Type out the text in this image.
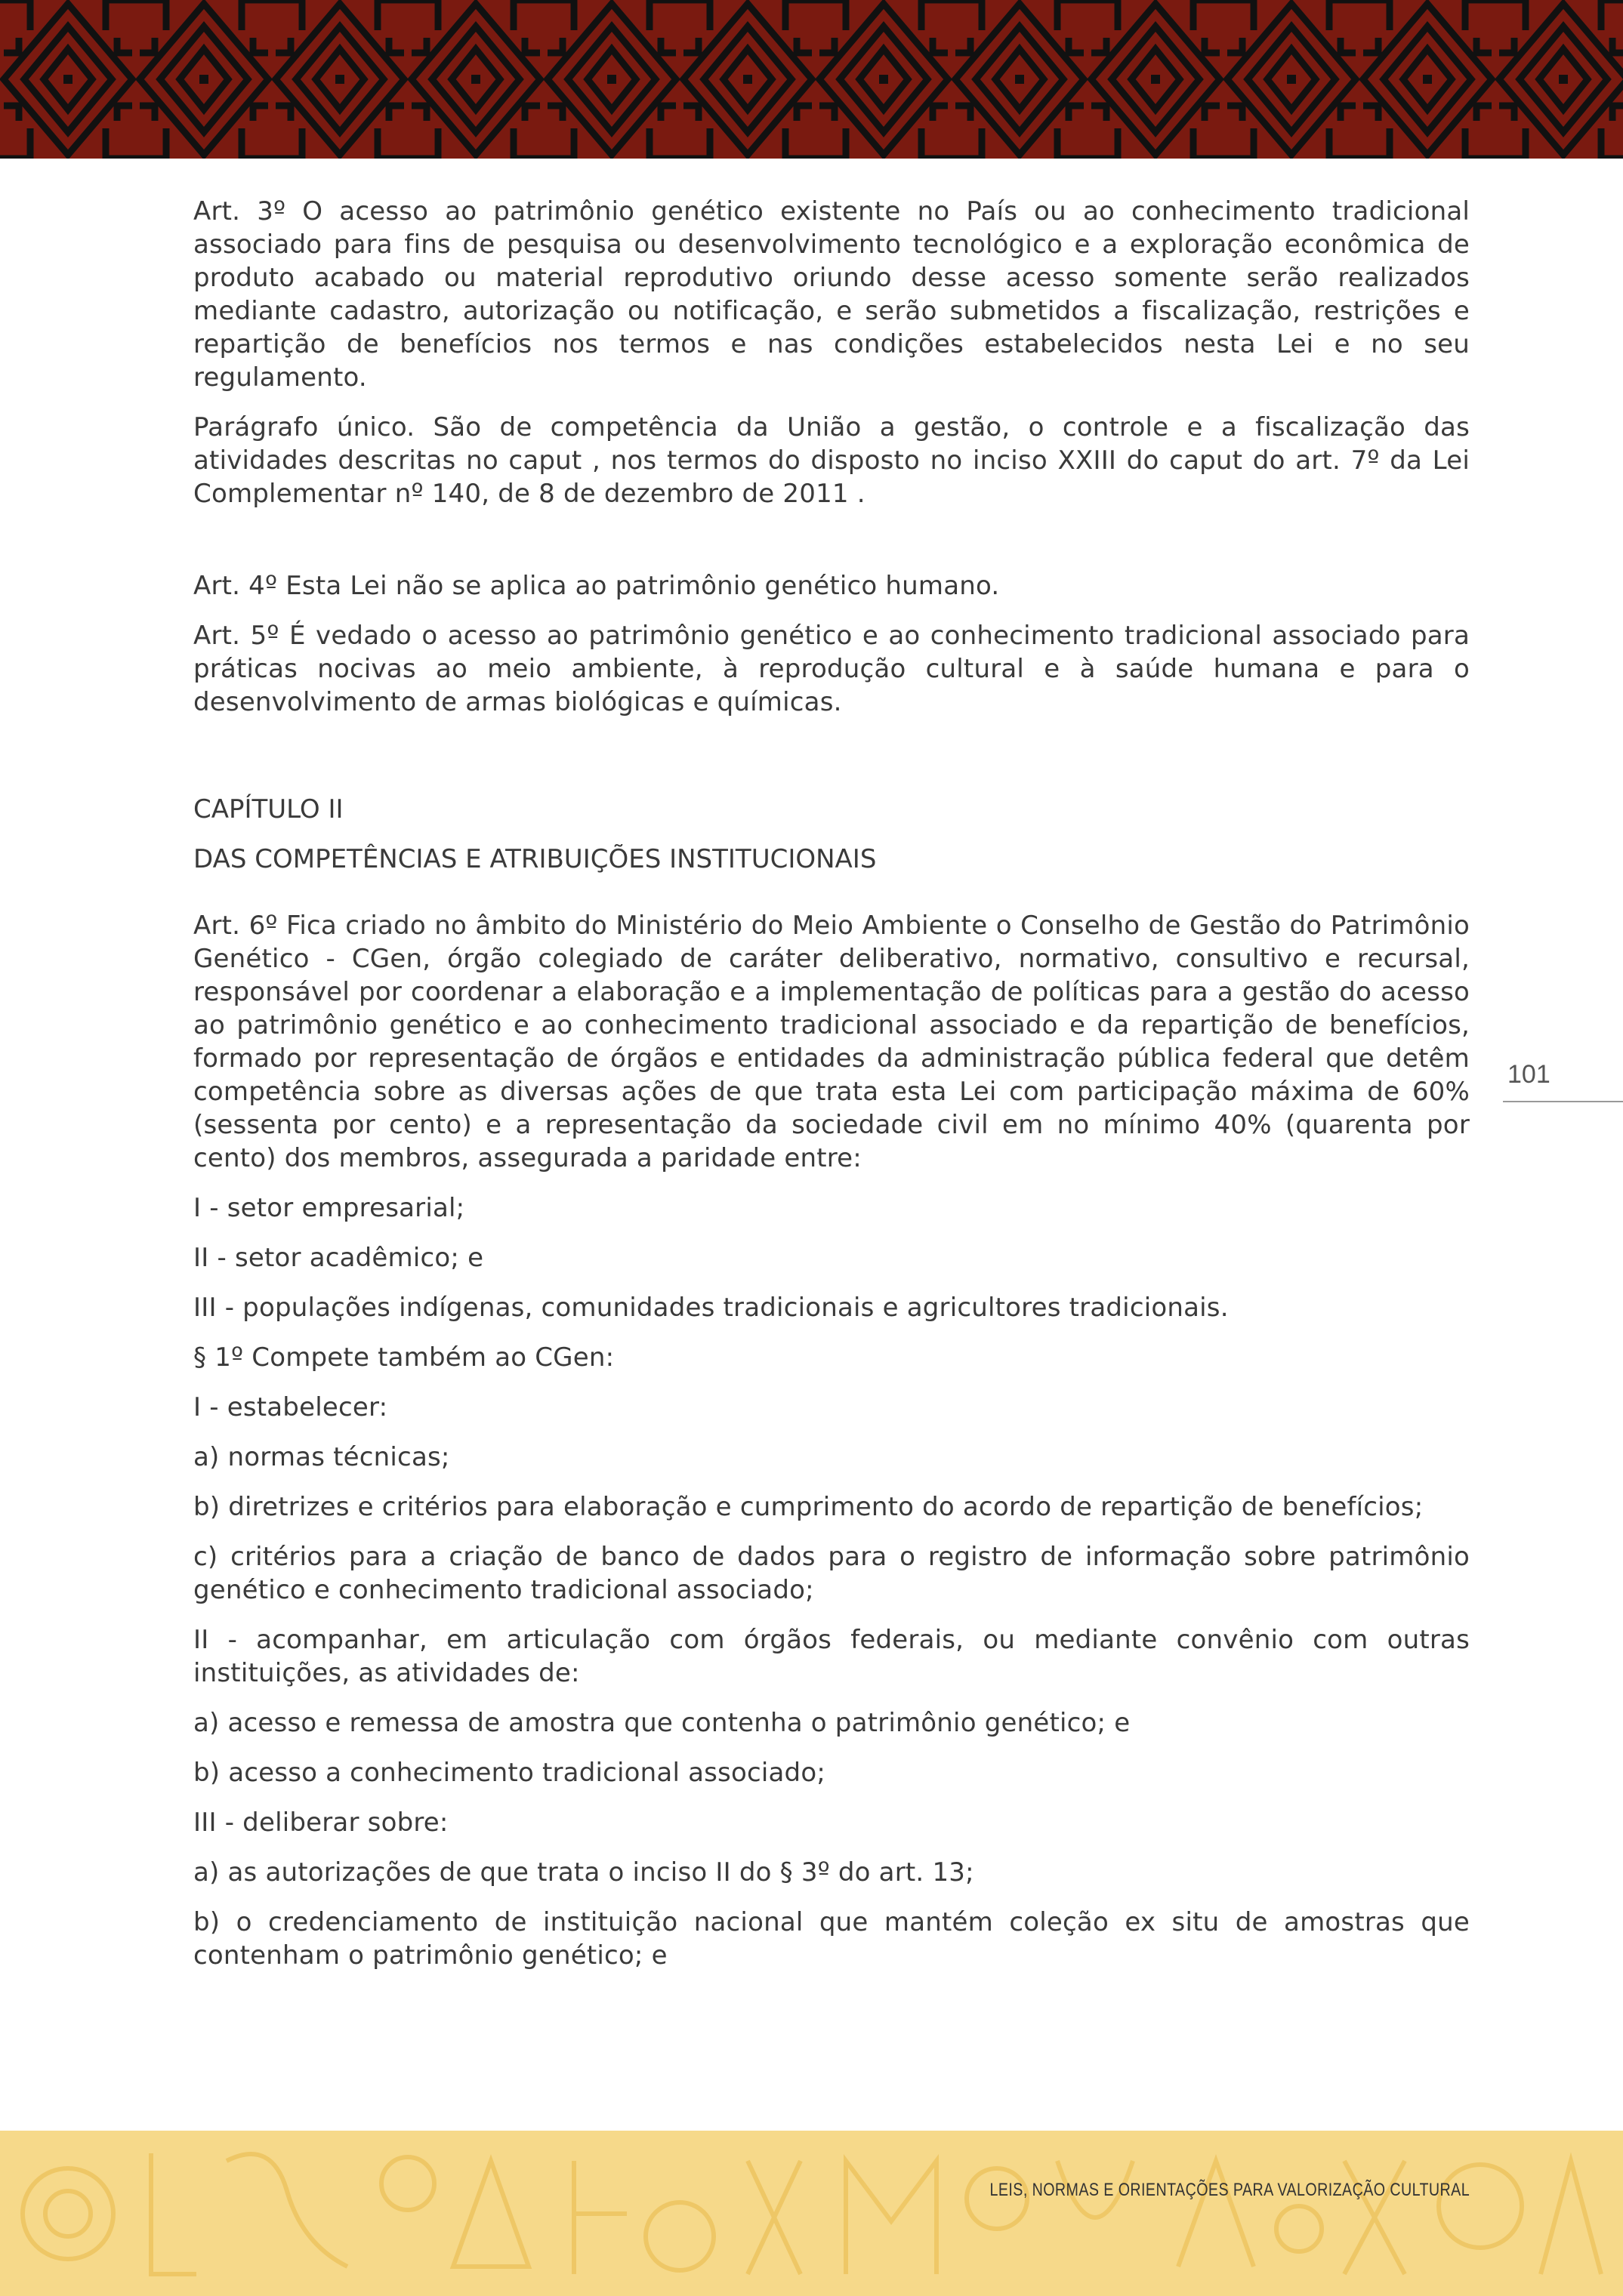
Art. 3º O acesso ao patrimônio genético existente no País ou ao conhecimento tradicional associado para fins de pesquisa ou desenvolvimento tecnológico e a exploração econômica de produto acabado ou material reprodutivo oriundo desse acesso somente serão realizados mediante cadastro, autorização ou notificação, e serão submetidos a fiscalização, restrições e repartição de benefícios nos termos e nas condições estabelecidos nesta Lei e no seu regulamento.

Parágrafo único. São de competência da União a gestão, o controle e a fiscalização das atividades descritas no caput , nos termos do disposto no inciso XXIII do caput do art. 7º da Lei Complementar nº 140, de 8 de dezembro de 2011 .

Art. 4º Esta Lei não se aplica ao patrimônio genético humano.

Art. 5º É vedado o acesso ao patrimônio genético e ao conhecimento tradicional associado para práticas nocivas ao meio ambiente, à reprodução cultural e à saúde humana e para o desenvolvimento de armas biológicas e químicas.

CAPÍTULO II

DAS COMPETÊNCIAS E ATRIBUIÇÕES INSTITUCIONAIS

Art. 6º Fica criado no âmbito do Ministério do Meio Ambiente o Conselho de Gestão do Patrimônio Genético - CGen, órgão colegiado de caráter deliberativo, normativo, consultivo e recursal, responsável por coordenar a elaboração e a implementação de políticas para a gestão do acesso ao patrimônio genético e ao conhecimento tradicional associado e da repartição de benefícios, formado por representação de órgãos e entidades da administração pública federal que detêm competência sobre as diversas ações de que trata esta Lei com participação máxima de 60% (sessenta por cento) e a representação da sociedade civil em no mínimo 40% (quarenta por cento) dos membros, assegurada a paridade entre:

I - setor empresarial;

II - setor acadêmico; e

III - populações indígenas, comunidades tradicionais e agricultores tradicionais.

§ 1º Compete também ao CGen:

I - estabelecer:

a) normas técnicas;

b) diretrizes e critérios para elaboração e cumprimento do acordo de repartição de benefícios;

c) critérios para a criação de banco de dados para o registro de informação sobre patrimônio genético e conhecimento tradicional associado;

II - acompanhar, em articulação com órgãos federais, ou mediante convênio com outras instituições, as atividades de:

a) acesso e remessa de amostra que contenha o patrimônio genético; e

b) acesso a conhecimento tradicional associado;

III - deliberar sobre:

a) as autorizações de que trata o inciso II do § 3º do art. 13;

b) o credenciamento de instituição nacional que mantém coleção ex situ de amostras que contenham o patrimônio genético; e

101
LEIS, NORMAS E ORIENTAÇÕES PARA VALORIZAÇÃO CULTURAL
